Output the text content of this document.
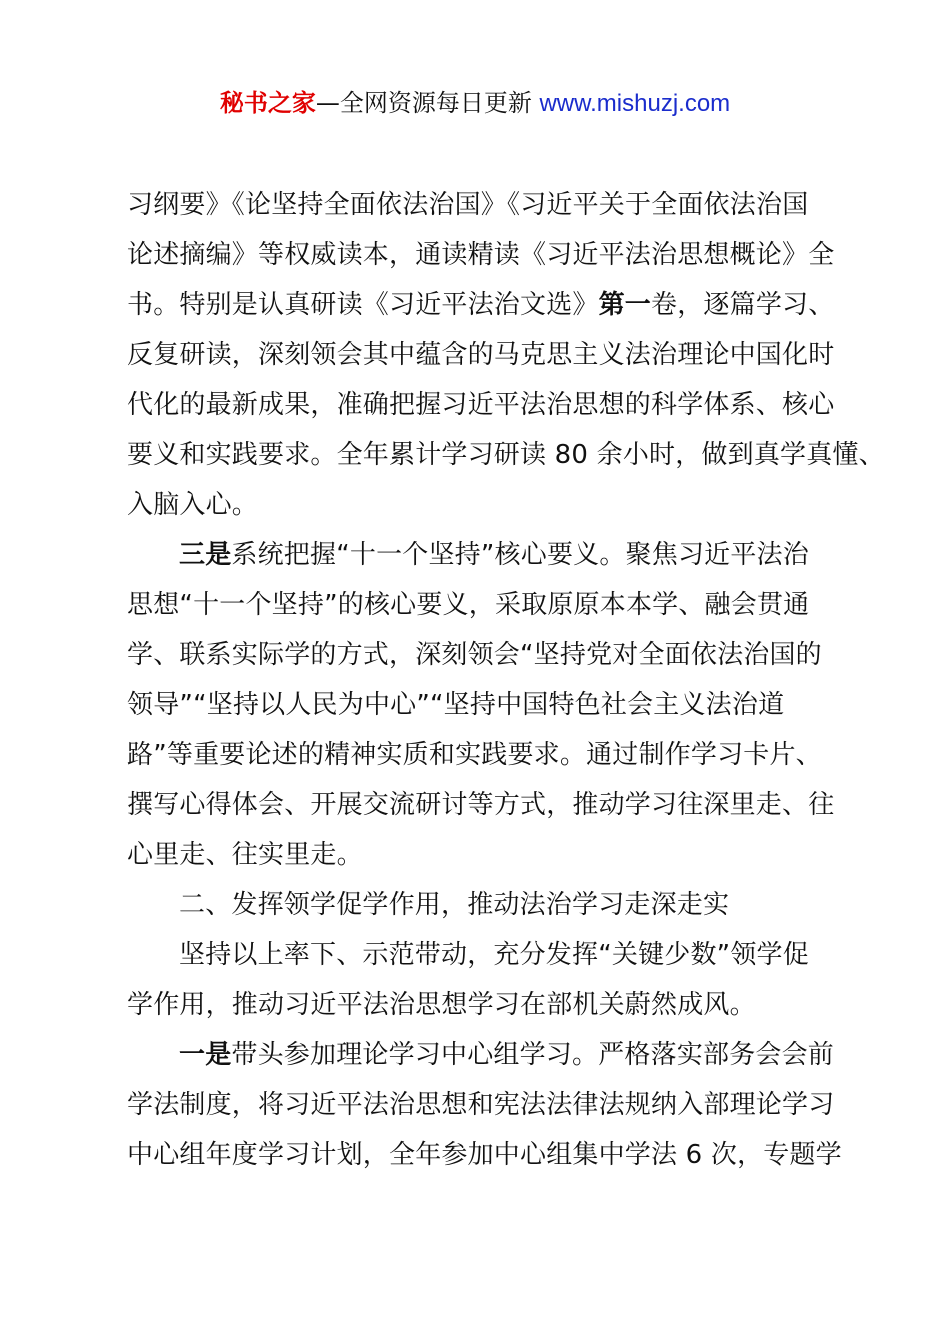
秘书之家—全网资源每日更新 www.mishuzj.com
习纲要》《论坚持全面依法治国》《习近平关于全面依法治国
论述摘编》等权威读本，通读精读《习近平法治思想概论》全
书。特别是认真研读《习近平法治文选》第一卷，逐篇学习、
反复研读，深刻领会其中蕴含的马克思主义法治理论中国化时
代化的最新成果，准确把握习近平法治思想的科学体系、核心
要义和实践要求。全年累计学习研读 80 余小时，做到真学真懂、
入脑入心。
三是系统把握“十一个坚持”核心要义。聚焦习近平法治
思想“十一个坚持”的核心要义，采取原原本本学、融会贯通
学、联系实际学的方式，深刻领会“坚持党对全面依法治国的
领导”“坚持以人民为中心”“坚持中国特色社会主义法治道
路”等重要论述的精神实质和实践要求。通过制作学习卡片、
撰写心得体会、开展交流研讨等方式，推动学习往深里走、往
心里走、往实里走。
二、发挥领学促学作用，推动法治学习走深走实
坚持以上率下、示范带动，充分发挥“关键少数”领学促
学作用，推动习近平法治思想学习在部机关蔚然成风。
一是带头参加理论学习中心组学习。严格落实部务会会前
学法制度，将习近平法治思想和宪法法律法规纳入部理论学习
中心组年度学习计划，全年参加中心组集中学法 6 次，专题学
